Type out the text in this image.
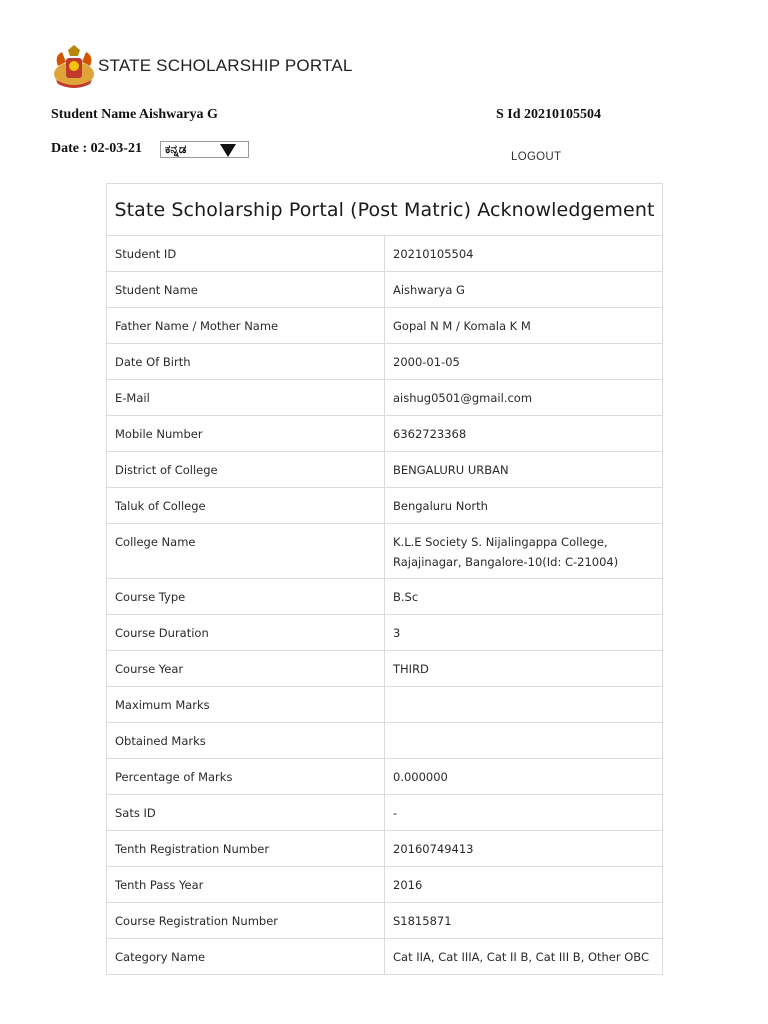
STATE SCHOLARSHIP PORTAL
Student Name Aishwarya G	S Id 20210105504
Date : 02-03-21	ಕನ್ನಡ
LOGOUT
State Scholarship Portal (Post Matric) Acknowledgement	
Student ID	20210105504
Student Name	Aishwarya G
Father Name / Mother Name	Gopal N M / Komala K M
Date Of Birth	2000-01-05
E-Mail	aishug0501@gmail.com
Mobile Number	6362723368
District of College	BENGALURU URBAN
Taluk of College	Bengaluru North
College Name	K.L.E Society S. Nijalingappa College, Rajajinagar, Bangalore-10(Id: C-21004)
Course Type	B.Sc
Course Duration	3
Course Year	THIRD
Maximum Marks	
Obtained Marks	
Percentage of Marks	0.000000
Sats ID	-
Tenth Registration Number	20160749413
Tenth Pass Year	2016
Course Registration Number	S1815871
Category Name	Cat IIA, Cat IIIA, Cat II B, Cat III B, Other OBC
